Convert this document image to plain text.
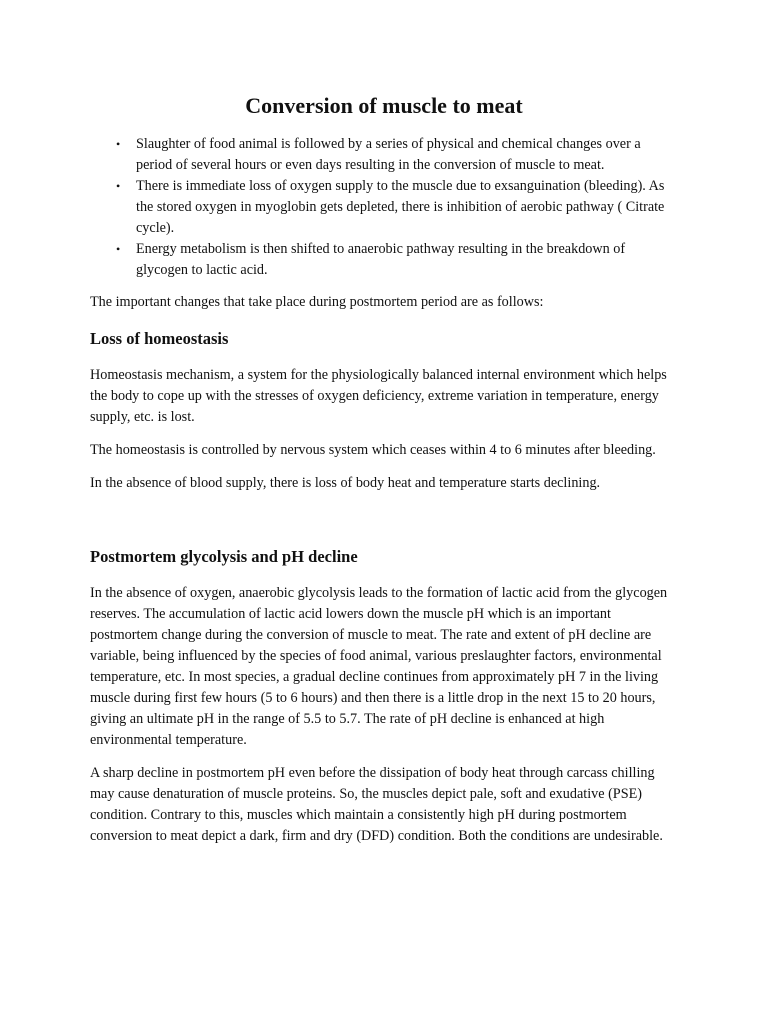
Conversion of muscle to meat
• Slaughter of food animal is followed by a series of physical and chemical changes over a period of several hours or even days resulting in the conversion of muscle to meat.
• There is immediate loss of oxygen supply to the muscle due to exsanguination (bleeding). As the stored oxygen in myoglobin gets depleted, there is inhibition of aerobic pathway ( Citrate cycle).
• Energy metabolism is then shifted to anaerobic pathway resulting in the breakdown of glycogen to lactic acid.

The important changes that take place during postmortem period are as follows:

Loss of homeostasis

Homeostasis mechanism, a system for the physiologically balanced internal environment which helps the body to cope up with the stresses of oxygen deficiency, extreme variation in temperature, energy supply, etc. is lost.

The homeostasis is controlled by nervous system which ceases within 4 to 6 minutes after bleeding.

In the absence of blood supply, there is loss of body heat and temperature starts declining.

Postmortem glycolysis and pH decline

In the absence of oxygen, anaerobic glycolysis leads to the formation of lactic acid from the glycogen reserves. The accumulation of lactic acid lowers down the muscle pH which is an important postmortem change during the conversion of muscle to meat. The rate and extent of pH decline are variable, being influenced by the species of food animal, various preslaughter factors, environmental temperature, etc. In most species, a gradual decline continues from approximately pH 7 in the living muscle during first few hours (5 to 6 hours) and then there is a little drop in the next 15 to 20 hours, giving an ultimate pH in the range of 5.5 to 5.7. The rate of pH decline is enhanced at high environmental temperature.

A sharp decline in postmortem pH even before the dissipation of body heat through carcass chilling may cause denaturation of muscle proteins. So, the muscles depict pale, soft and exudative (PSE) condition. Contrary to this, muscles which maintain a consistently high pH during postmortem conversion to meat depict a dark, firm and dry (DFD) condition. Both the conditions are undesirable.
